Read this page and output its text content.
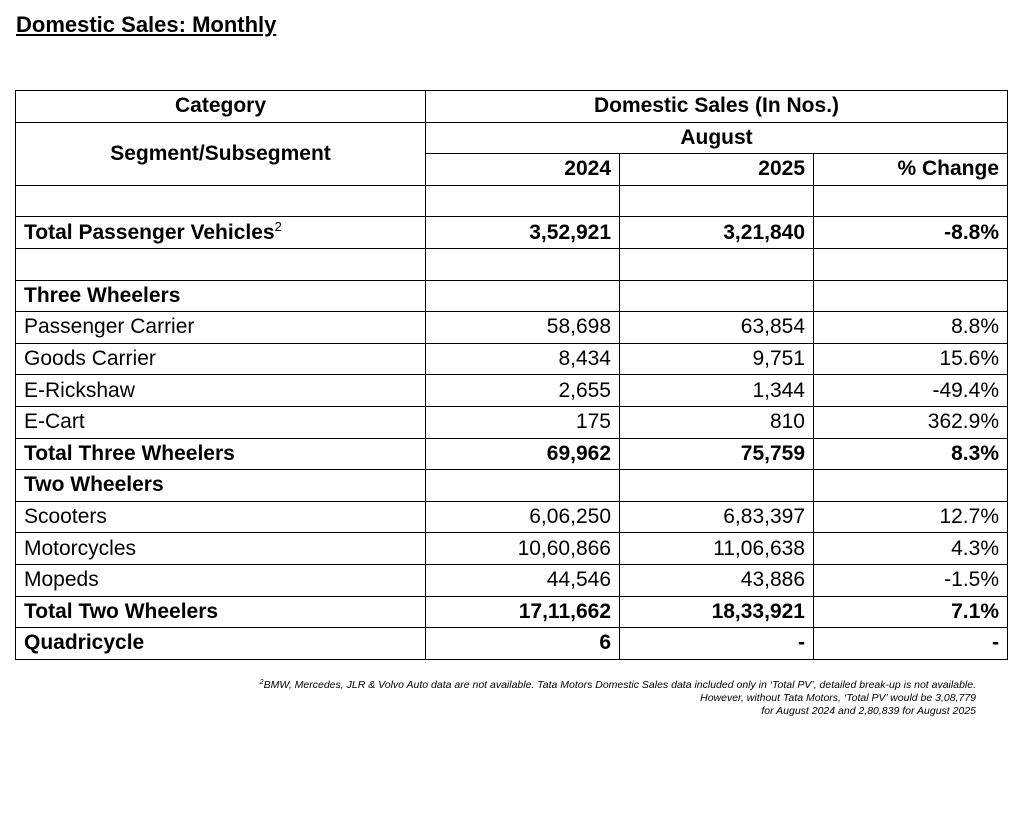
Domestic Sales: Monthly
Category	Domestic Sales (In Nos.)		
Segment/Subsegment	August		
	2024	2025	% Change

Total Passenger Vehicles$^2$	3,52,921	3,21,840	-8.8%

Three Wheelers			
Passenger Carrier	58,698	63,854	8.8%
Goods Carrier	8,434	9,751	15.6%
E-Rickshaw	2,655	1,344	-49.4%
E-Cart	175	810	362.9%
Total Three Wheelers	69,962	75,759	8.3%
Two Wheelers			
Scooters	6,06,250	6,83,397	12.7%
Motorcycles	10,60,866	11,06,638	4.3%
Mopeds	44,546	43,886	-1.5%
Total Two Wheelers	17,11,662	18,33,921	7.1%
Quadricycle	6	-	-
$^2$BMW, Mercedes, JLR & Volvo Auto data are not available. Tata Motors Domestic Sales data included only in ‘Total PV’, detailed break-up is not available.
However, without Tata Motors, ‘Total PV’ would be 3,08,779
for August 2024 and 2,80,839 for August 2025
